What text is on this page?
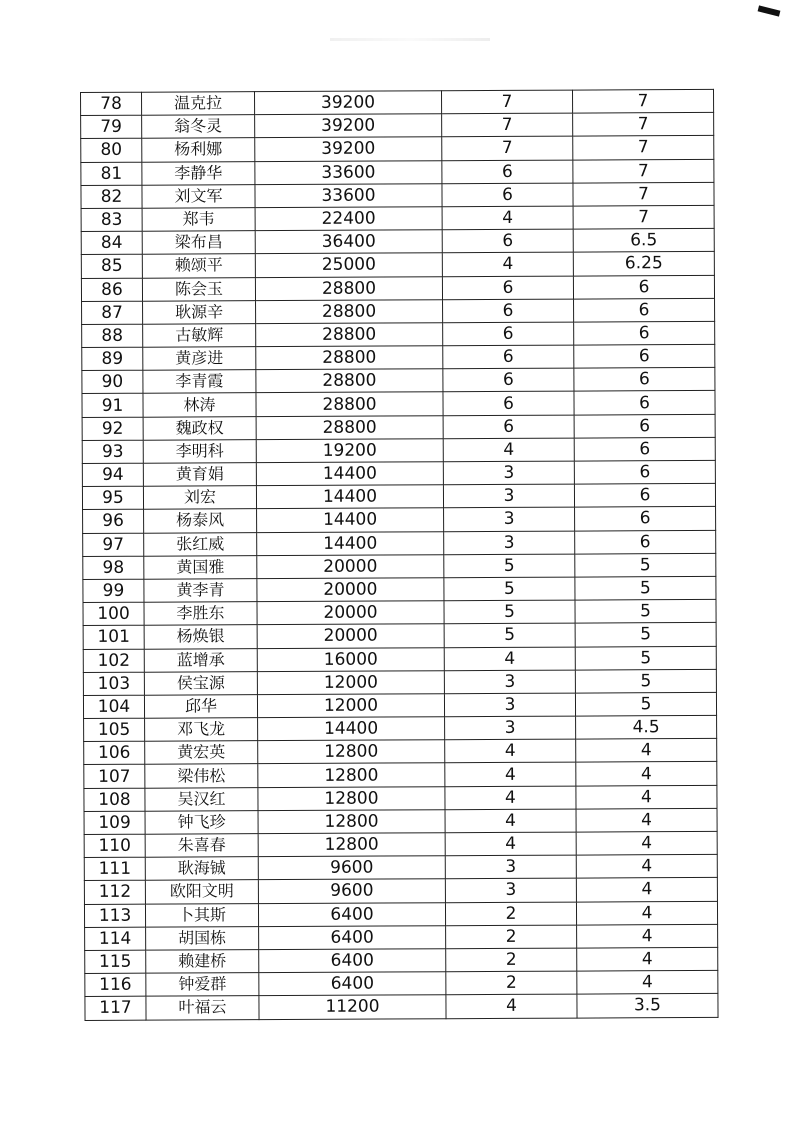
78	温克拉	39200	7	7
79	翁冬灵	39200	7	7
80	杨利娜	39200	7	7
81	李静华	33600	6	7
82	刘文军	33600	6	7
83	郑韦	22400	4	7
84	梁布昌	36400	6	6.5
85	赖颂平	25000	4	6.25
86	陈会玉	28800	6	6
87	耿源辛	28800	6	6
88	古敏辉	28800	6	6
89	黄彦进	28800	6	6
90	李青霞	28800	6	6
91	林涛	28800	6	6
92	魏政权	28800	6	6
93	李明科	19200	4	6
94	黄育娟	14400	3	6
95	刘宏	14400	3	6
96	杨泰风	14400	3	6
97	张红威	14400	3	6
98	黄国雅	20000	5	5
99	黄李青	20000	5	5
100	李胜东	20000	5	5
101	杨焕银	20000	5	5
102	蓝增承	16000	4	5
103	侯宝源	12000	3	5
104	邱华	12000	3	5
105	邓飞龙	14400	3	4.5
106	黄宏英	12800	4	4
107	梁伟松	12800	4	4
108	吴汉红	12800	4	4
109	钟飞珍	12800	4	4
110	朱喜春	12800	4	4
111	耿海铖	9600	3	4
112	欧阳文明	9600	3	4
113	卜其斯	6400	2	4
114	胡国栋	6400	2	4
115	赖建桥	6400	2	4
116	钟爱群	6400	2	4
117	叶福云	11200	4	3.5
